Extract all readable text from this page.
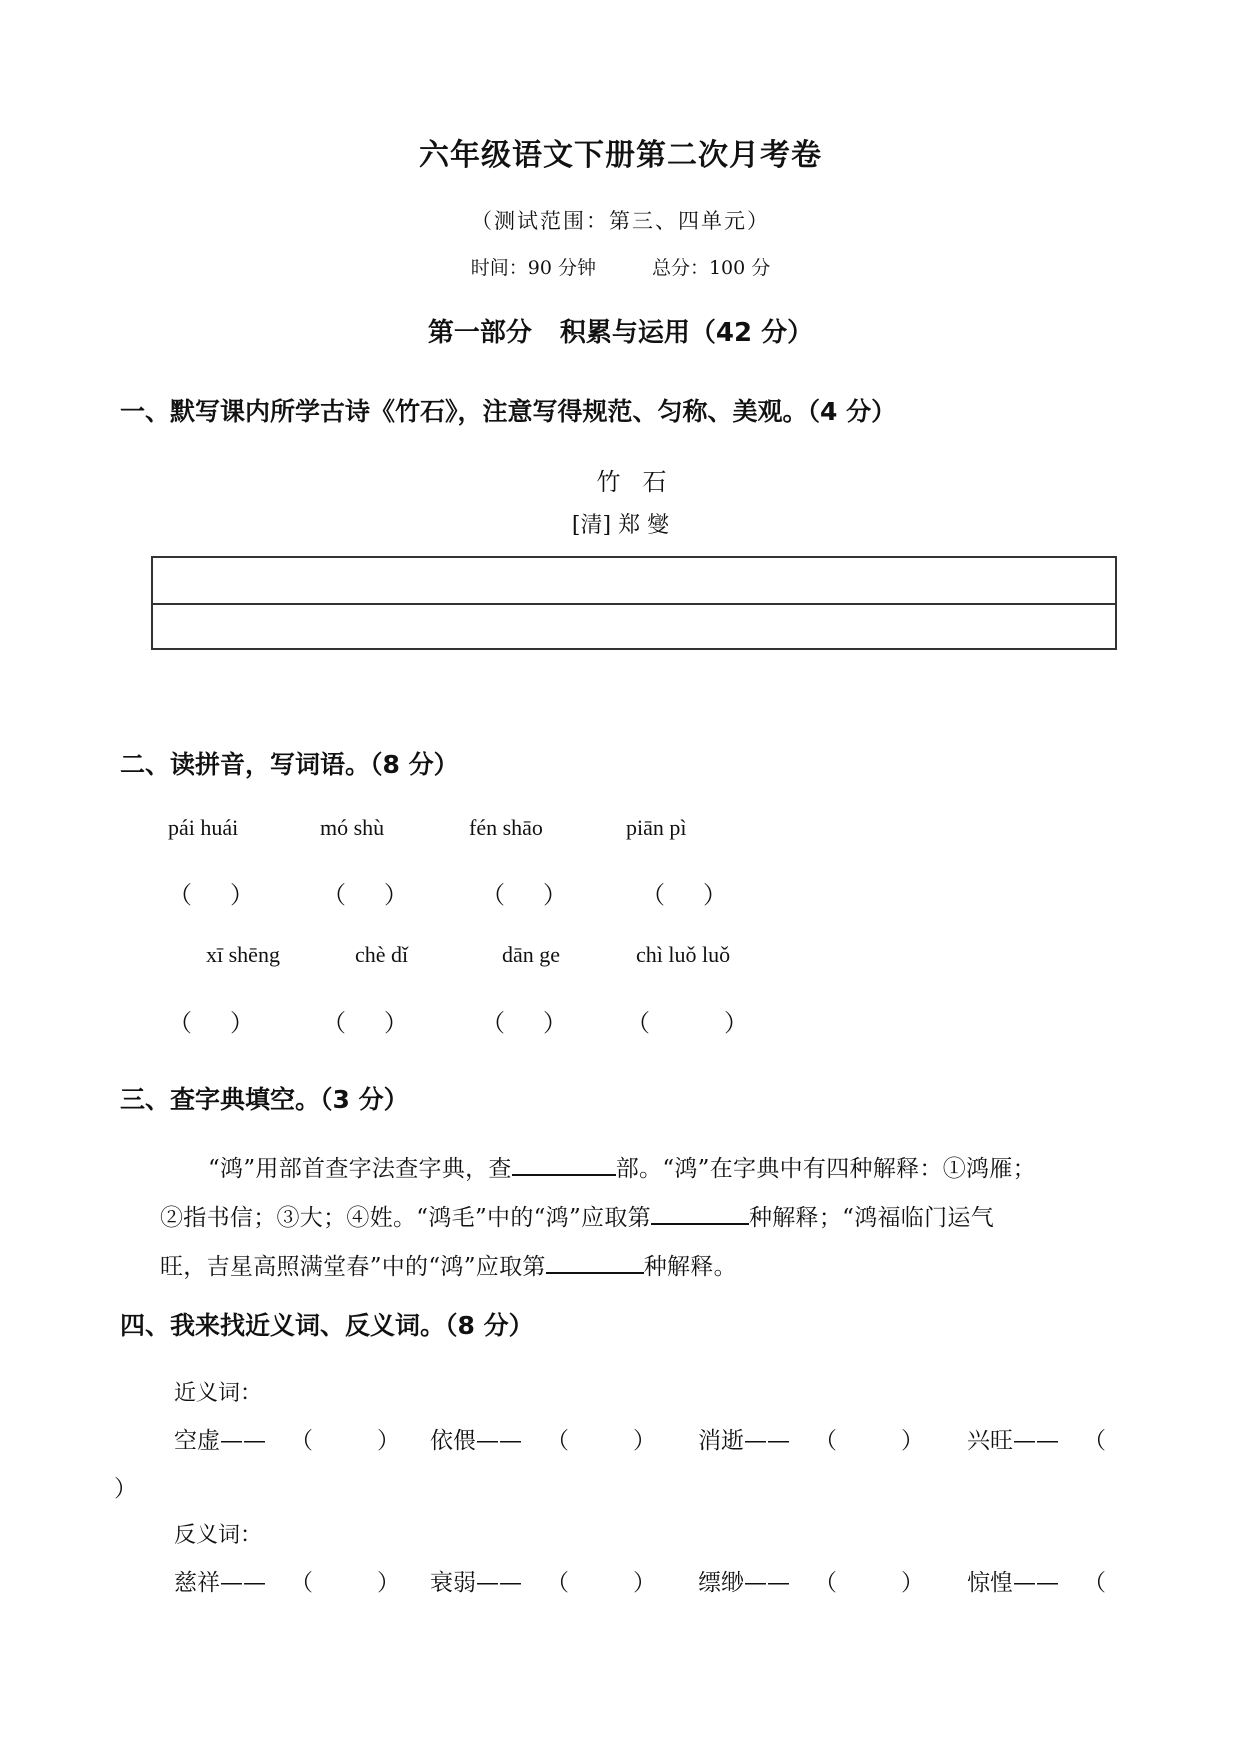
六年级语文下册第二次月考卷
（测试范围：第三、四单元）
时间：90 分钟	总分：100 分
第一部分 积累与运用（42 分）
一、默写课内所学古诗《竹石》，注意写得规范、匀称、美观。（4 分）
竹石
[清] 郑 燮
二、读拼音，写词语。（8 分）
pái huái	mó shù	fén shāo	piān pì
（ ）	（ ）	（ ）	（ ）
xī shēng	chè dǐ	dān ge	chì luǒ luǒ
（ ）	（ ）	（ ） （	）
三、查字典填空。（3 分）
“鸿”用部首查字法查字典，查	部。“鸿”在字典中有四种解释：①鸿雁；
②指书信；③大；④姓。“鸿毛”中的“鸿”应取第	种解释；“鸿福临门运气
旺，吉星高照满堂春”中的“鸿”应取第	种解释。
四、我来找近义词、反义词。（8 分）
近义词：
空虚—— （	） 依偎—— （	） 消逝—— （	） 兴旺—— （
）
反义词：
慈祥—— （	） 衰弱—— （	） 缥缈—— （	） 惊惶—— （
